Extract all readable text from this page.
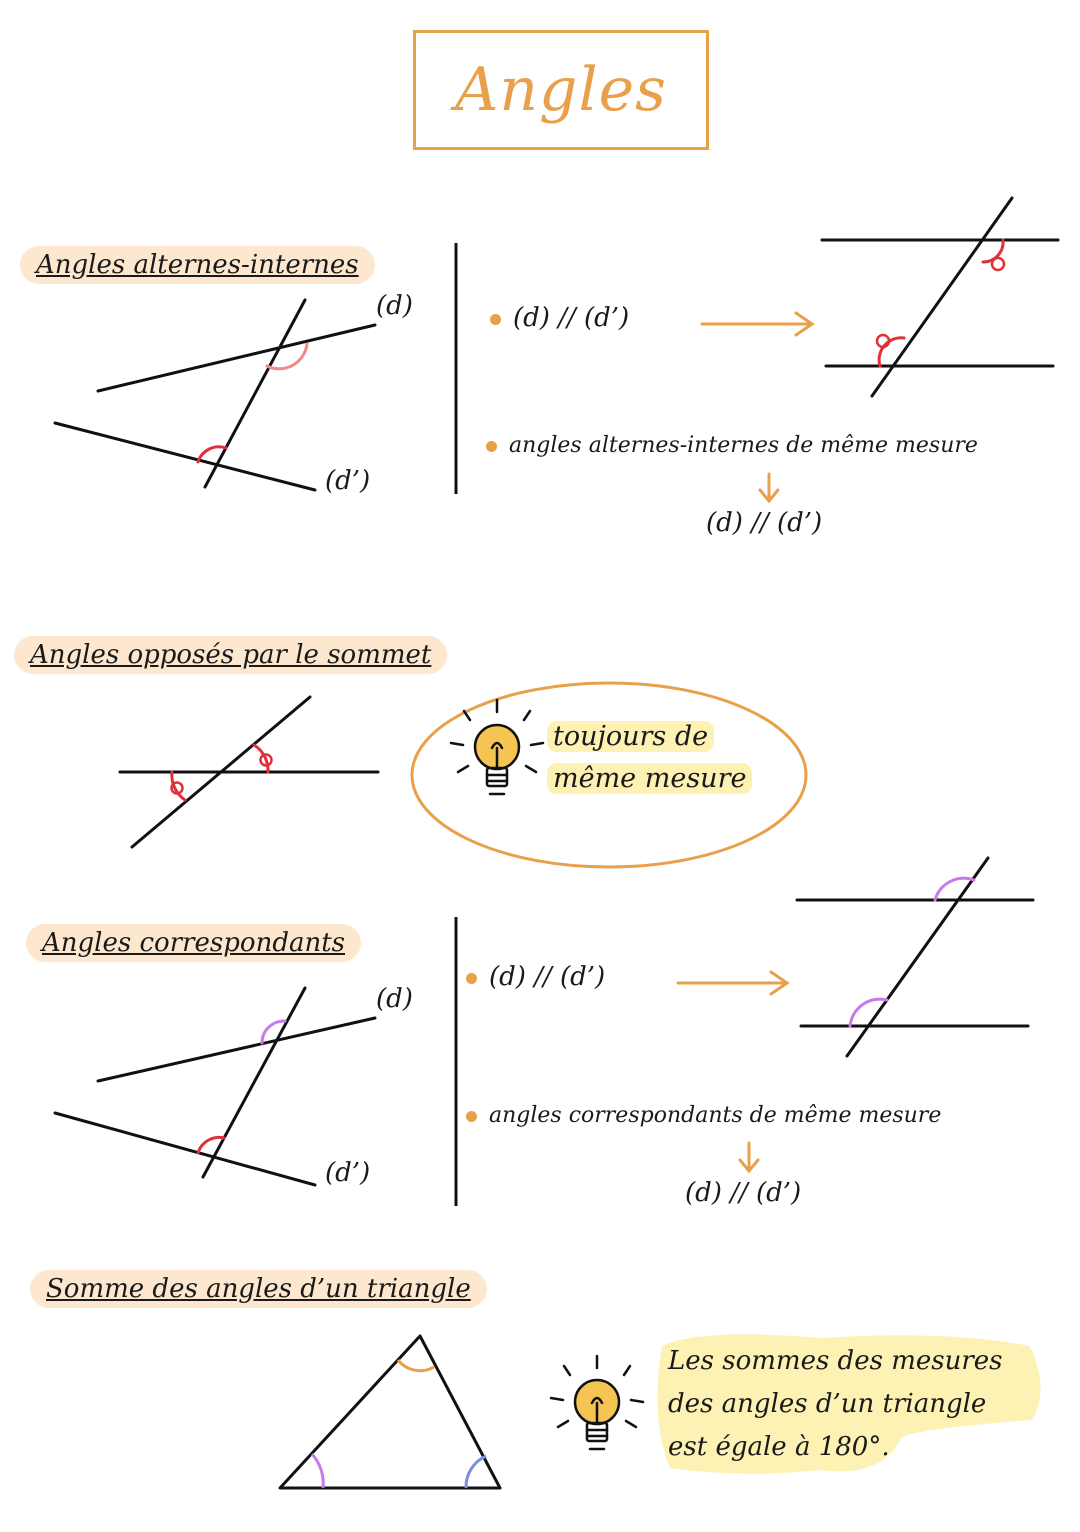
Angles
Angles alternes-internes
(d)
(d’)
(d) // (d’)
angles alternes-internes de même mesure
(d) // (d’)
Angles opposés par le sommet
toujours de
même mesure
Angles correspondants
(d)
(d’)
(d) // (d’)
angles correspondants de même mesure
(d) // (d’)
Somme des angles d’un triangle
Les sommes des mesures
des angles d’un triangle
est égale à 180°.
